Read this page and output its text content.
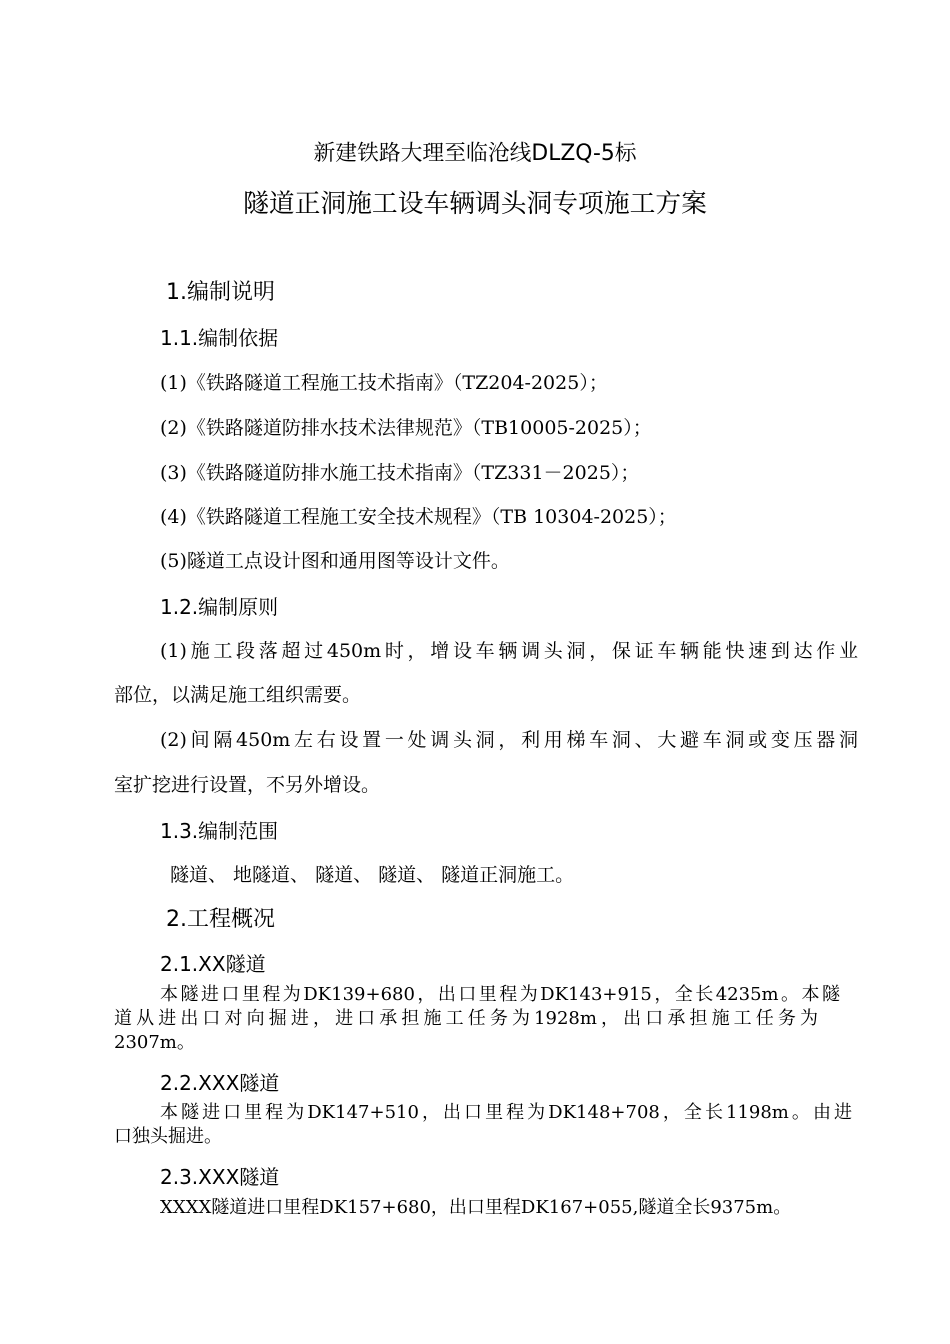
新建铁路大理至临沧线DLZQ-5标
隧道正洞施工设车辆调头洞专项施工方案
1.编制说明
1.1.编制依据
(1)《铁路隧道工程施工技术指南》（TZ204-2025）；
(2)《铁路隧道防排水技术法律规范》（TB10005-2025）；
(3)《铁路隧道防排水施工技术指南》（TZ331－2025）；
(4)《铁路隧道工程施工安全技术规程》（TB 10304-2025）；
(5)隧道工点设计图和通用图等设计文件。
1.2.编制原则
(1)施工段落超过450m时，增设车辆调头洞，保证车辆能快速到达作业
部位，以满足施工组织需要。
(2)间隔450m左右设置一处调头洞，利用梯车洞、大避车洞或变压器洞
室扩挖进行设置，不另外增设。
1.3.编制范围
隧道、 地隧道、 隧道、 隧道、 隧道正洞施工。
2.工程概况
2.1.XX隧道
本隧进口里程为DK139+680，出口里程为DK143+915，全长4235m。本隧
道从进出口对向掘进，进口承担施工任务为1928m，出口承担施工任务为
2307m。
2.2.XXX隧道
本隧进口里程为DK147+510，出口里程为DK148+708，全长1198m。由进
口独头掘进。
2.3.XXX隧道
XXXX隧道进口里程DK157+680，出口里程DK167+055,隧道全长9375m。
